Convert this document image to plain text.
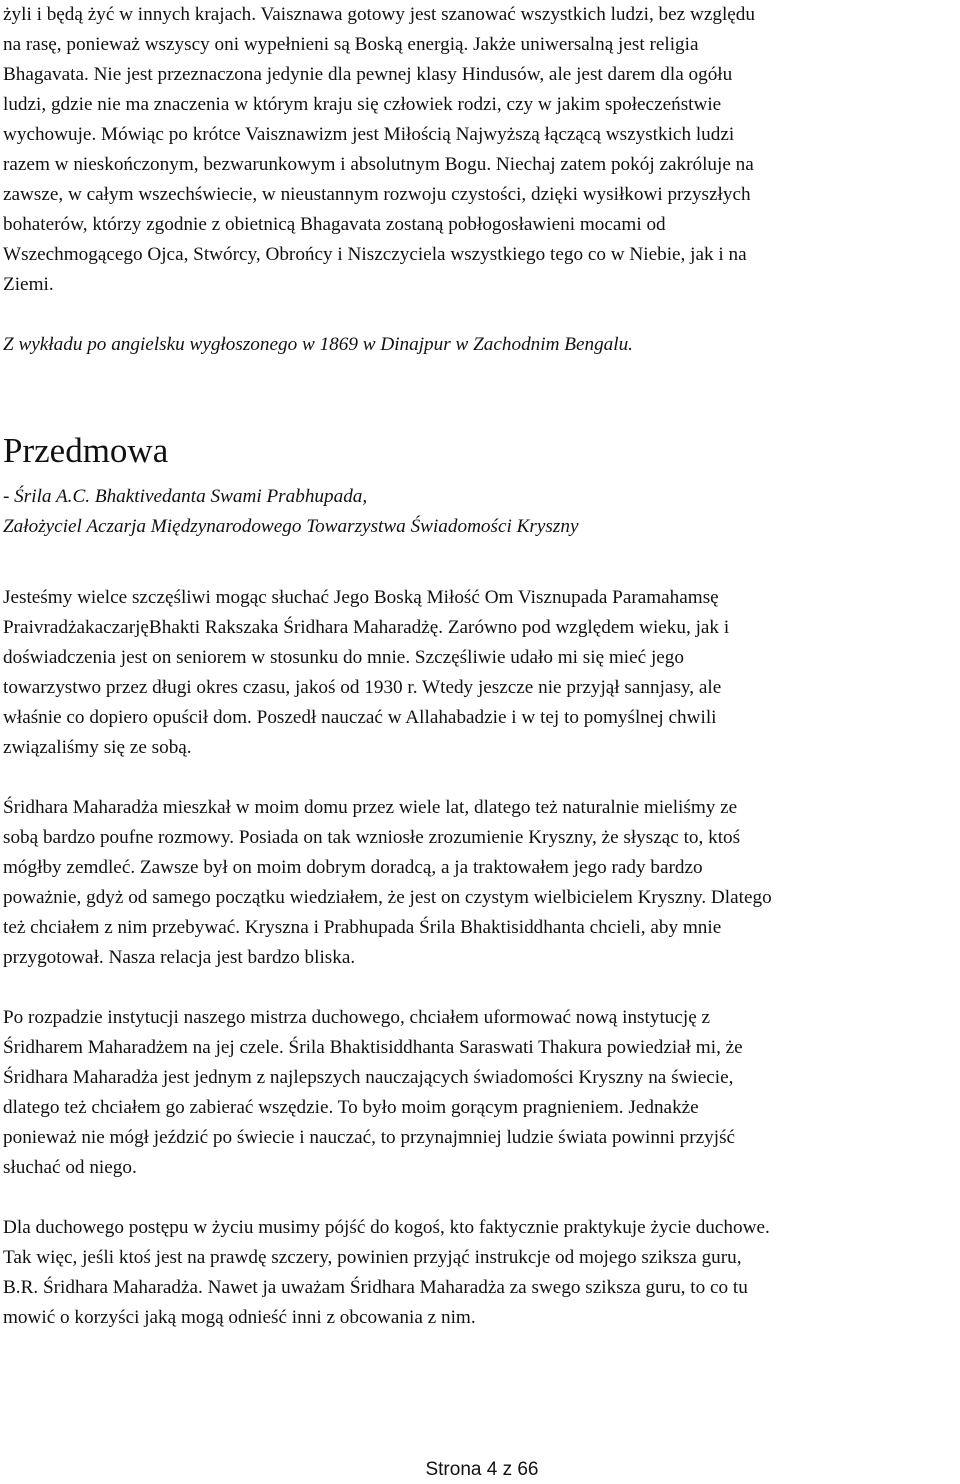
żyli i będą żyć w innych krajach. Vaisznawa gotowy jest szanować wszystkich ludzi, bez względu

na rasę, ponieważ wszyscy oni wypełnieni są Boską energią. Jakże uniwersalną jest religia

Bhagavata. Nie jest przeznaczona jedynie dla pewnej klasy Hindusów, ale jest darem dla ogółu

ludzi, gdzie nie ma znaczenia w którym kraju się człowiek rodzi, czy w jakim społeczeństwie

wychowuje. Mówiąc po krótce Vaisznawizm jest Miłością Najwyższą łączącą wszystkich ludzi

razem w nieskończonym, bezwarunkowym i absolutnym Bogu. Niechaj zatem pokój zakróluje na

zawsze, w całym wszechświecie, w nieustannym rozwoju czystości, dzięki wysiłkowi przyszłych

bohaterów, którzy zgodnie z obietnicą Bhagavata zostaną pobłogosławieni mocami od

Wszechmogącego Ojca, Stwórcy, Obrońcy i Niszczyciela wszystkiego tego co w Niebie, jak i na

Ziemi.

Z wykładu po angielsku wygłoszonego w 1869 w Dinajpur w Zachodnim Bengalu.

Przedmowa

- Śrila A.C. Bhaktivedanta Swami Prabhupada,

Założyciel Aczarja Międzynarodowego Towarzystwa Świadomości Kryszny

Jesteśmy wielce szczęśliwi mogąc słuchać Jego Boską Miłość Om Visznupada Paramahamsę

PraivradżakaczarjęBhakti Rakszaka Śridhara Maharadżę. Zarówno pod względem wieku, jak i

doświadczenia jest on seniorem w stosunku do mnie. Szczęśliwie udało mi się mieć jego

towarzystwo przez długi okres czasu, jakoś od 1930 r. Wtedy jeszcze nie przyjął sannjasy, ale

właśnie co dopiero opuścił dom. Poszedł nauczać w Allahabadzie i w tej to pomyślnej chwili

związaliśmy się ze sobą.

Śridhara Maharadża mieszkał w moim domu przez wiele lat, dlatego też naturalnie mieliśmy ze

sobą bardzo poufne rozmowy. Posiada on tak wzniosłe zrozumienie Kryszny, że słysząc to, ktoś

mógłby zemdleć. Zawsze był on moim dobrym doradcą, a ja traktowałem jego rady bardzo

poważnie, gdyż od samego początku wiedziałem, że jest on czystym wielbicielem Kryszny. Dlatego

też chciałem z nim przebywać. Kryszna i Prabhupada Śrila Bhaktisiddhanta chcieli, aby mnie

przygotował. Nasza relacja jest bardzo bliska.

Po rozpadzie instytucji naszego mistrza duchowego, chciałem uformować nową instytucję z

Śridharem Maharadżem na jej czele. Śrila Bhaktisiddhanta Saraswati Thakura powiedział mi, że

Śridhara Maharadża jest jednym z najlepszych nauczających świadomości Kryszny na świecie,

dlatego też chciałem go zabierać wszędzie. To było moim gorącym pragnieniem. Jednakże

ponieważ nie mógł jeździć po świecie i nauczać, to przynajmniej ludzie świata powinni przyjść

słuchać od niego.

Dla duchowego postępu w życiu musimy pójść do kogoś, kto faktycznie praktykuje życie duchowe.

Tak więc, jeśli ktoś jest na prawdę szczery, powinien przyjąć instrukcje od mojego sziksza guru,

B.R. Śridhara Maharadża. Nawet ja uważam Śridhara Maharadża za swego sziksza guru, to co tu

mowić o korzyści jaką mogą odnieść inni z obcowania z nim.

Strona 4 z 66
